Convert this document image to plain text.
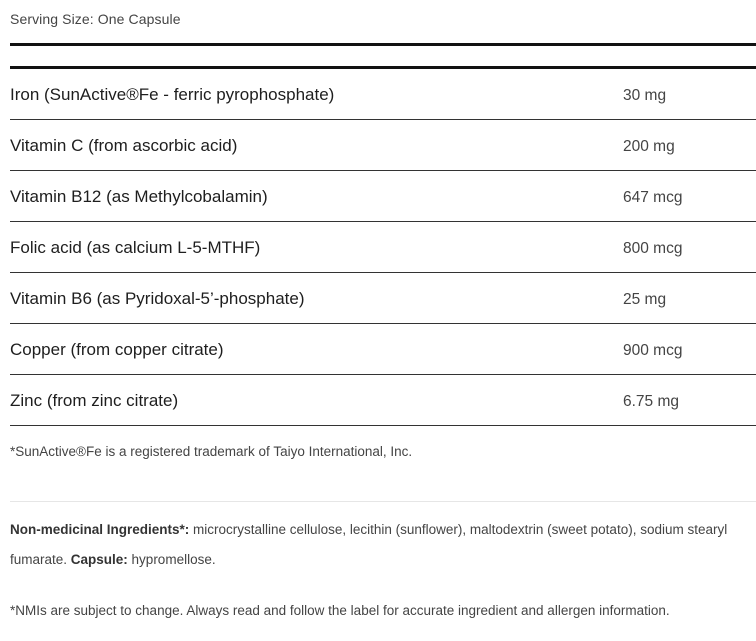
Serving Size: One Capsule
Iron (SunActive®Fe - ferric pyrophosphate)	30 mg
Vitamin C (from ascorbic acid)	200 mg
Vitamin B12 (as Methylcobalamin)	647 mcg
Folic acid (as calcium L-5-MTHF)	800 mcg
Vitamin B6 (as Pyridoxal-5’-phosphate)	25 mg
Copper (from copper citrate)	900 mcg
Zinc (from zinc citrate)	6.75 mg
*SunActive®Fe is a registered trademark of Taiyo International, Inc.
Non-medicinal Ingredients*: microcrystalline cellulose, lecithin (sunflower), maltodextrin (sweet potato), sodium stearyl fumarate. Capsule: hypromellose.
*NMIs are subject to change. Always read and follow the label for accurate ingredient and allergen information.
